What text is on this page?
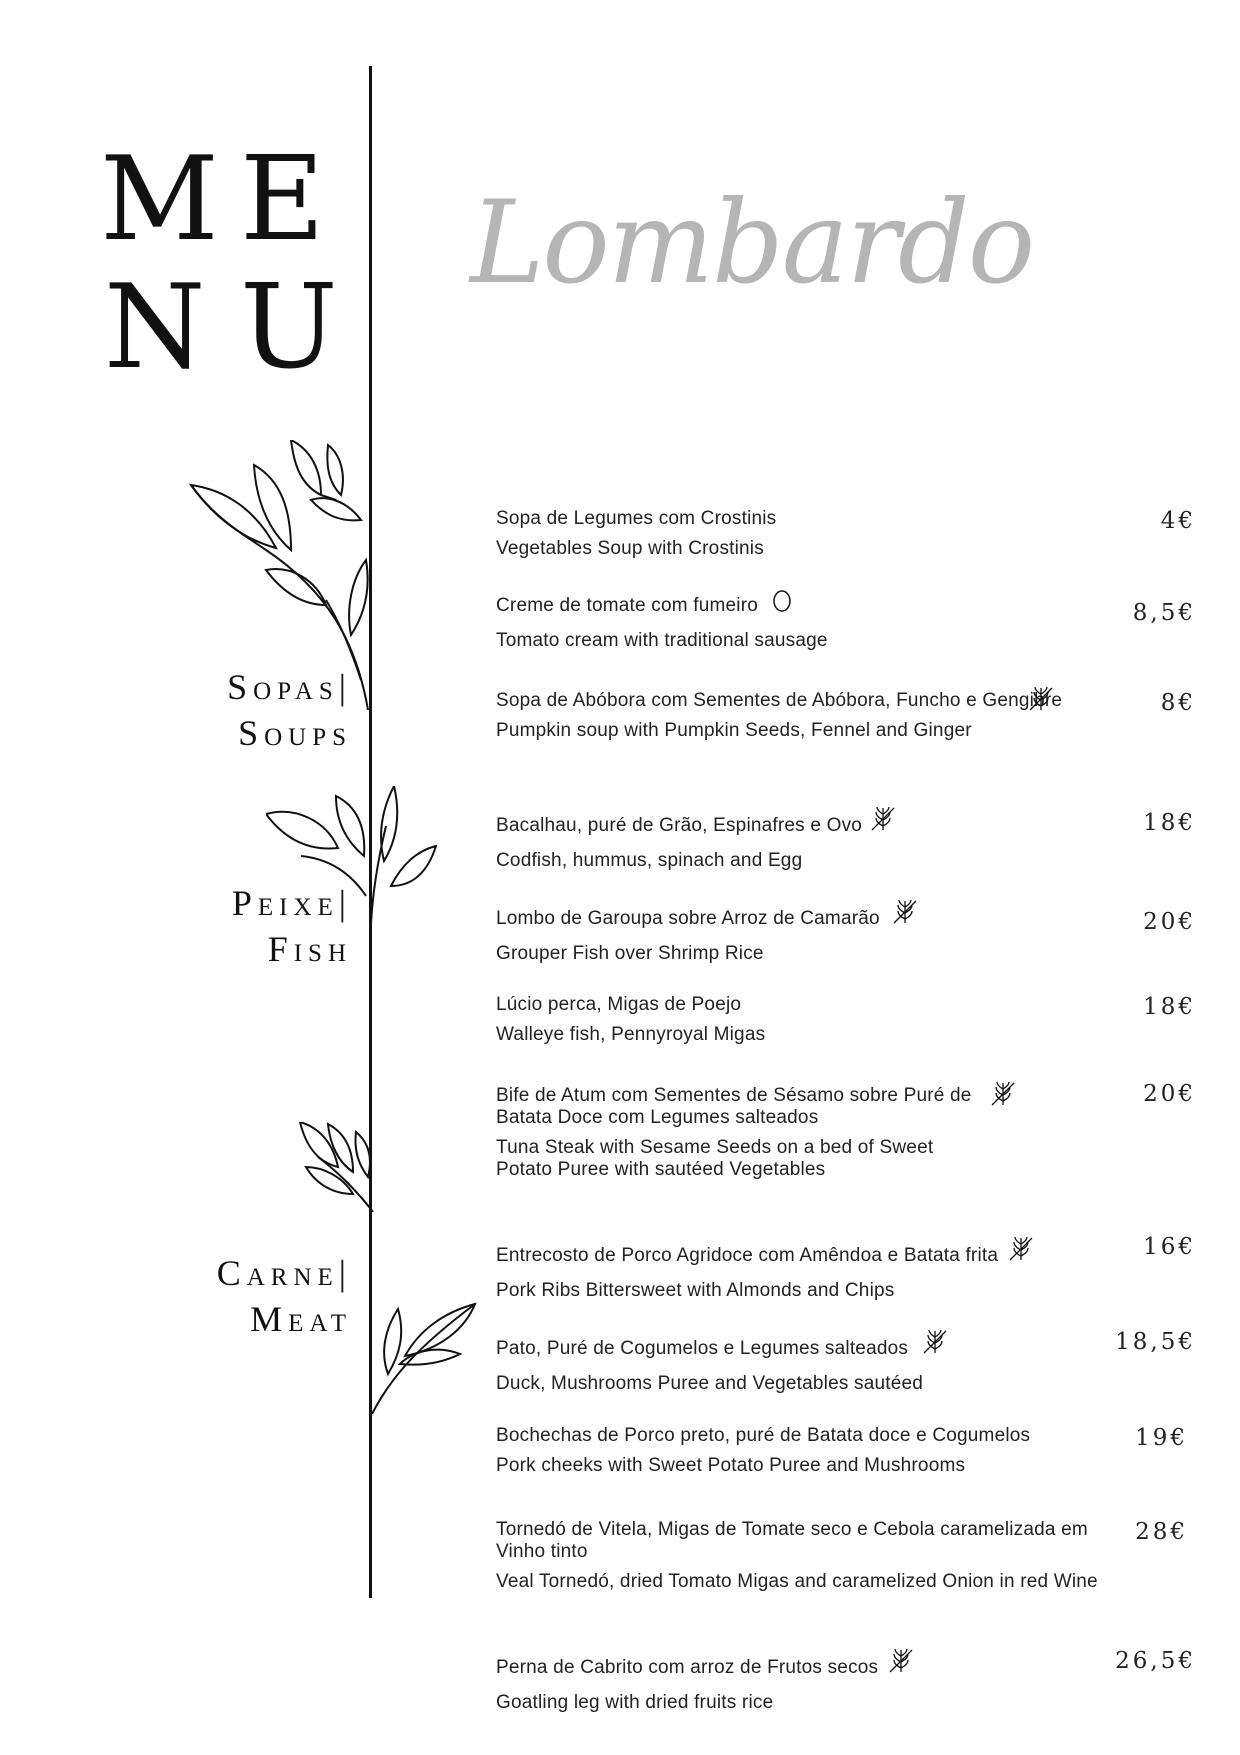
M E
N U
Lombardo
Sopas|
Soups
Peixe|
Fish
Carne|
Meat
Sopa de Legumes com Crostinis
Vegetables Soup with Crostinis
4€
Creme de tomate com fumeiro
Tomato cream with traditional sausage
8,5€
Sopa de Abóbora com Sementes de Abóbora, Funcho e Gengibre
Pumpkin soup with Pumpkin Seeds, Fennel and Ginger
8€
Bacalhau, puré de Grão, Espinafres e Ovo
Codfish, hummus, spinach and Egg
18€
Lombo de Garoupa sobre Arroz de Camarão
Grouper Fish over Shrimp Rice
20€
Lúcio perca, Migas de Poejo
Walleye fish, Pennyroyal Migas
18€
Bife de Atum com Sementes de Sésamo sobre Puré de Batata Doce com Legumes salteados
Tuna Steak with Sesame Seeds on a bed of Sweet Potato Puree with sautéed Vegetables
20€
Entrecosto de Porco Agridoce com Amêndoa e Batata frita
Pork Ribs Bittersweet with Almonds and Chips
16€
Pato, Puré de Cogumelos e Legumes salteados
Duck, Mushrooms Puree and Vegetables sautéed
18,5€
Bochechas de Porco preto, puré de Batata doce e Cogumelos
Pork cheeks with Sweet Potato Puree and Mushrooms
19€
Tornedó de Vitela, Migas de Tomate seco e Cebola caramelizada em Vinho tinto
Veal Tornedó, dried Tomato Migas and caramelized Onion in red Wine
28€
Perna de Cabrito com arroz de Frutos secos
Goatling leg with dried fruits rice
26,5€
